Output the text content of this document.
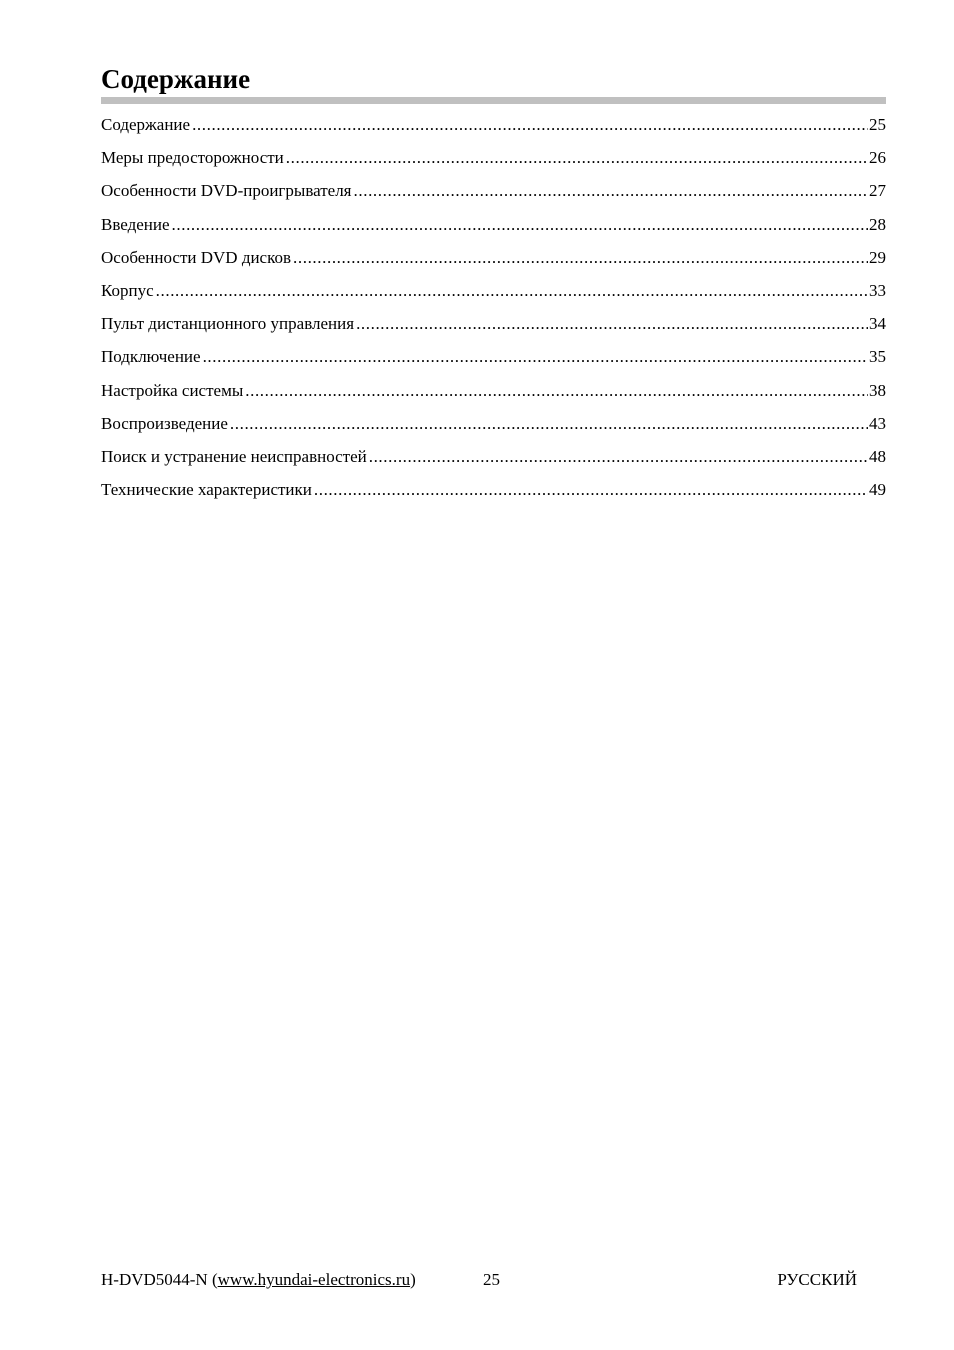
Содержание
Содержание .....	25
Меры предосторожности .....	26
Особенности DVD-проигрывателя .....	27
Введение .....	28
Особенности DVD дисков .....	29
Корпус .....	33
Пульт дистанционного управления .....	34
Подключение .....	35
Настройка системы .....	38
Воспроизведение .....	43
Поиск и устранение неисправностей .....	48
Технические характеристики .....	49
H-DVD5044-N (www.hyundai-electronics.ru)	25	РУССКИЙ
